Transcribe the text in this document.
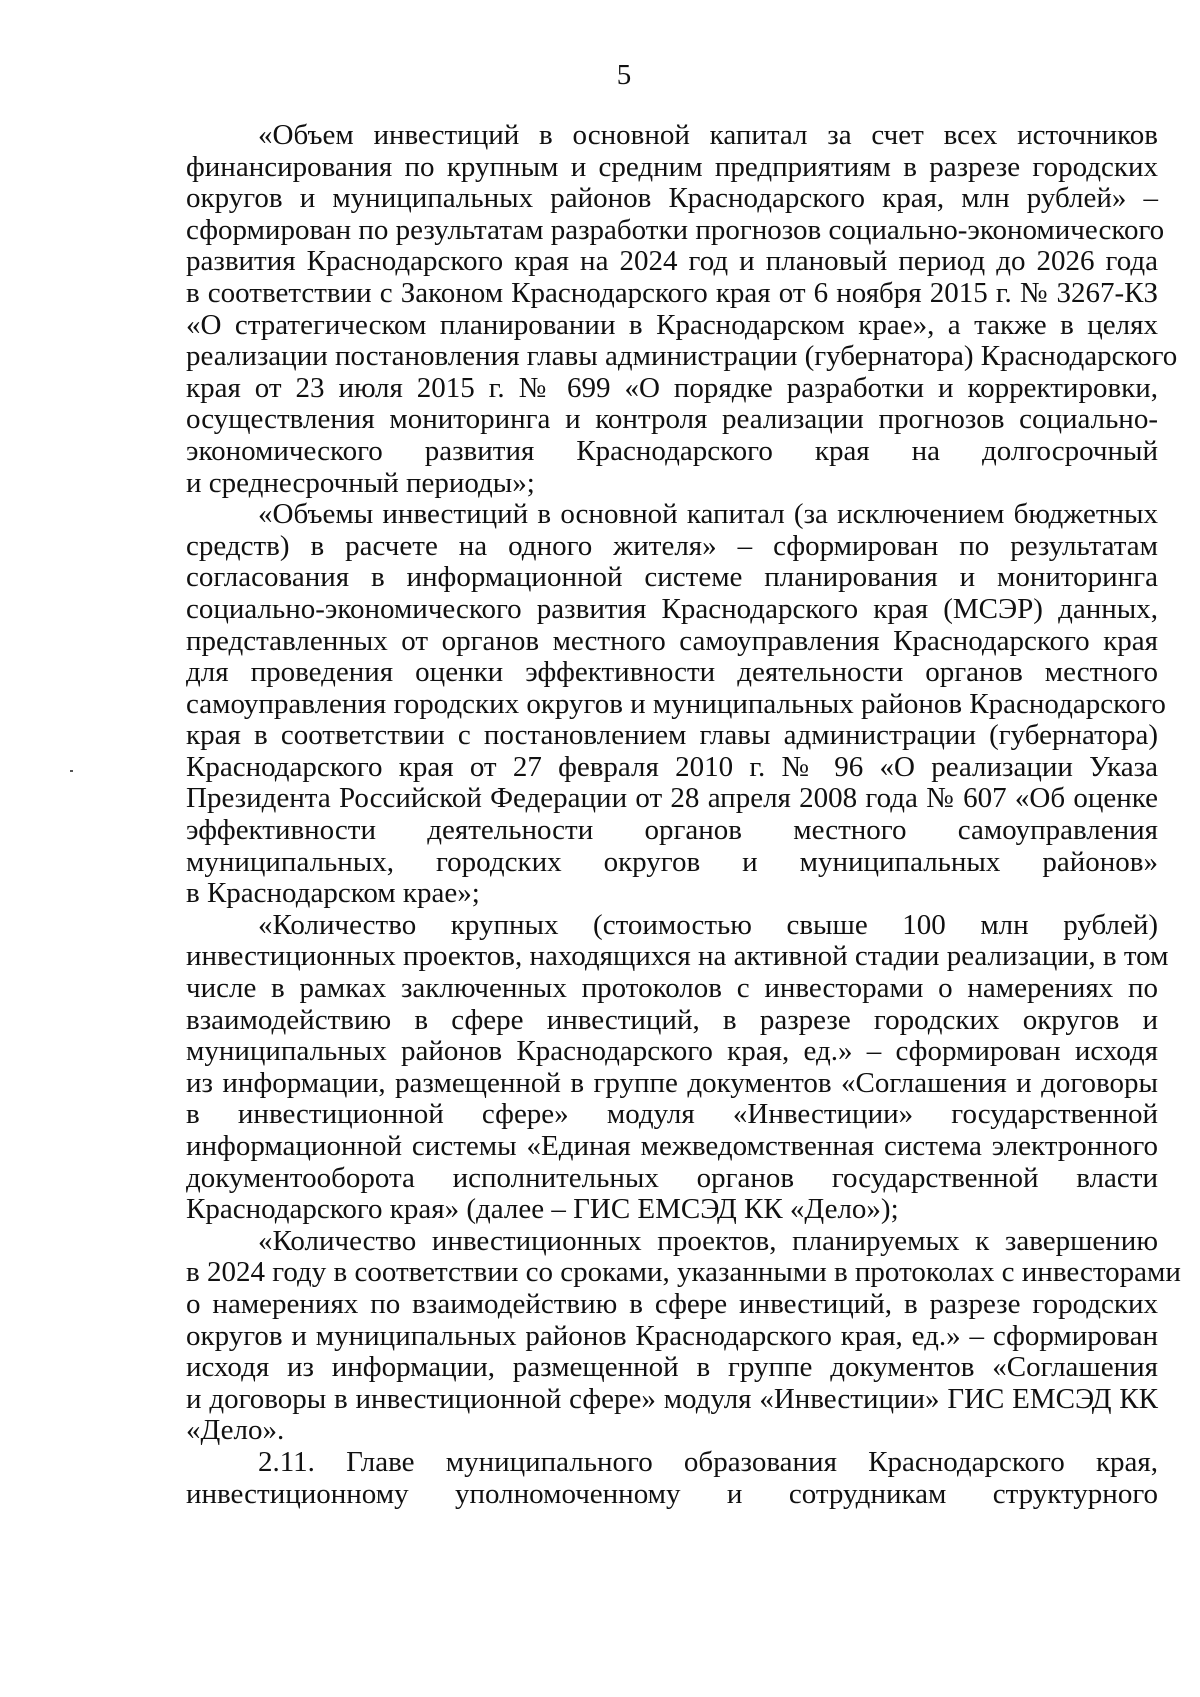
5
«Объем инвестиций в основной капитал за счет всех источников
финансирования по крупным и средним предприятиям в разрезе городских
округов и муниципальных районов Краснодарского края, млн рублей» –
сформирован по результатам разработки прогнозов социально-экономического
развития Краснодарского края на 2024 год и плановый период до 2026 года
в соответствии с Законом Краснодарского края от 6 ноября 2015 г. № 3267-КЗ
«О стратегическом планировании в Краснодарском крае», а также в целях
реализации постановления главы администрации (губернатора) Краснодарского
края от 23 июля 2015 г. № 699 «О порядке разработки и корректировки,
осуществления мониторинга и контроля реализации прогнозов социально-
экономического развития Краснодарского края на долгосрочный
и среднесрочный периоды»;
«Объемы инвестиций в основной капитал (за исключением бюджетных
средств) в расчете на одного жителя» – сформирован по результатам
согласования в информационной системе планирования и мониторинга
социально-экономического развития Краснодарского края (МСЭР) данных,
представленных от органов местного самоуправления Краснодарского края
для проведения оценки эффективности деятельности органов местного
самоуправления городских округов и муниципальных районов Краснодарского
края в соответствии с постановлением главы администрации (губернатора)
Краснодарского края от 27 февраля 2010 г. № 96 «О реализации Указа
Президента Российской Федерации от 28 апреля 2008 года № 607 «Об оценке
эффективности деятельности органов местного самоуправления
муниципальных, городских округов и муниципальных районов»
в Краснодарском крае»;
«Количество крупных (стоимостью свыше 100 млн рублей)
инвестиционных проектов, находящихся на активной стадии реализации, в том
числе в рамках заключенных протоколов с инвесторами о намерениях по
взаимодействию в сфере инвестиций, в разрезе городских округов и
муниципальных районов Краснодарского края, ед.» – сформирован исходя
из информации, размещенной в группе документов «Соглашения и договоры
в инвестиционной сфере» модуля «Инвестиции» государственной
информационной системы «Единая межведомственная система электронного
документооборота исполнительных органов государственной власти
Краснодарского края» (далее – ГИС ЕМСЭД КК «Дело»);
«Количество инвестиционных проектов, планируемых к завершению
в 2024 году в соответствии со сроками, указанными в протоколах с инвесторами
о намерениях по взаимодействию в сфере инвестиций, в разрезе городских
округов и муниципальных районов Краснодарского края, ед.» – сформирован
исходя из информации, размещенной в группе документов «Соглашения
и договоры в инвестиционной сфере» модуля «Инвестиции» ГИС ЕМСЭД КК
«Дело».
2.11. Главе муниципального образования Краснодарского края,
инвестиционному уполномоченному и сотрудникам структурного
